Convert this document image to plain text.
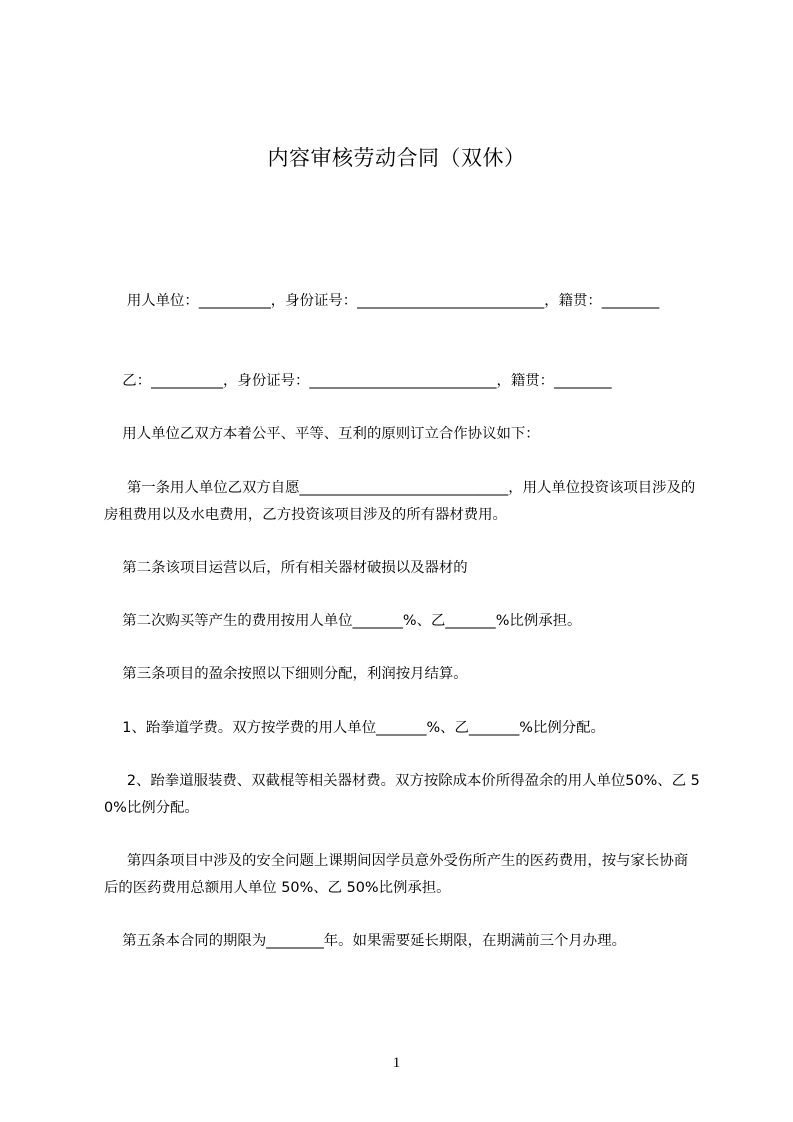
内容审核劳动合同（双休）
用人单位：__________，身份证号：__________________________，籍贯：________
乙：__________，身份证号：__________________________，籍贯：________
用人单位乙双方本着公平、平等、互利的原则订立合作协议如下：
第一条用人单位乙双方自愿_____________________________，用人单位投资该项目涉及的房租费用以及水电费用，乙方投资该项目涉及的所有器材费用。
第二条该项目运营以后，所有相关器材破损以及器材的
第二次购买等产生的费用按用人单位_______%、乙_______%比例承担。
第三条项目的盈余按照以下细则分配，利润按月结算。
1、跆拳道学费。双方按学费的用人单位_______%、乙_______%比例分配。
2、跆拳道服装费、双截棍等相关器材费。双方按除成本价所得盈余的用人单位50%、乙 50%比例分配。
第四条项目中涉及的安全问题上课期间因学员意外受伤所产生的医药费用，按与家长协商后的医药费用总额用人单位 50%、乙 50%比例承担。
第五条本合同的期限为________年。如果需要延长期限，在期满前三个月办理。
1
